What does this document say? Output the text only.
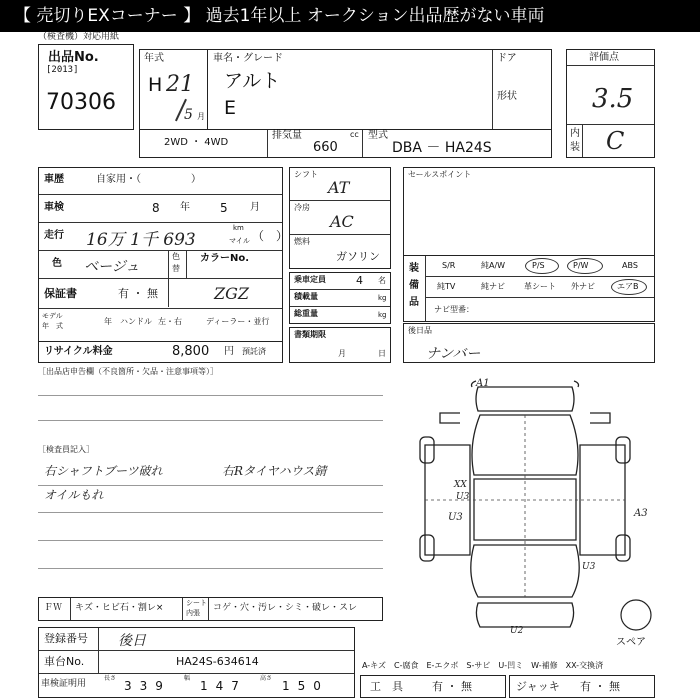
【 売切りEXコーナー 】 過去1年以上 オークション出品歴がない車両
（検査機）対応用紙
出品No.
[2013]
70306
年式
H 21
5 月
車名・グレード
アルト
E
ドア
形状
評価点
3.5
内
装 C
2WD ・ 4WD
排気量	cc
660
型式
DBA － HA24S
車歴	自家用・（　　　　　）
車検	8 年	5 月
走行 16万 1千 693
km
マイル （　）
色 ベージュ
色
替
カラーNo.
保証書	有 ・ 無	ZGZ
モデル
年　式	年 ハンドル 左・右	ディーラー・並行
リサイクル料金	8,800 円 預託済
シフト
AT
冷房
AC
燃料
ガソリン
乗車定員	4 名
積載量	kg
総重量	kg
書類期限
月	日
セールスポイント
装
備
品
S/R	純A/W	P/S	P/W	ABS
純TV	純ナビ 革シート 外ナビ	エアB
ナビ型番：
後日品
ナンバー
［出品店申告欄（不良箇所・欠品・注意事項等）］
［検査員記入］
右シャフトブーツ破れ
オイルもれ
右Rタイヤハウス錆
A1
XX
U3
U3	A3
U3
U2
スペア
ＦＷ キズ・ヒビ石・割レ×	シート
内張 コゲ・穴・汚レ・シミ・破レ・スレ
登録番号 後日
車台No.	HA24S-634614
車検証明用
長さ
339
幅
147
高さ
150
A-キズ　C-腐食　E-エクボ　S-サビ　U-凹ミ　W-補修　XX-交換済
工　具	有 ・ 無	ジャッキ 有 ・ 無
